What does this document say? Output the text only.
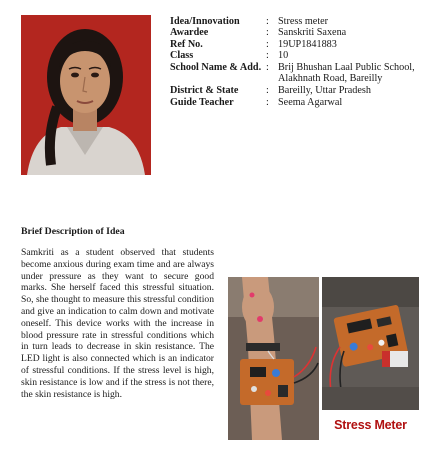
Idea/Innovation	: Stress meter
Awardee	: Sanskriti Saxena
Ref No.	: 19UP1841883
Class	: 10
School Name & Add. : Brij Bhushan Laal Public School, Alakhnath Road, Bareilly
District & State	: Bareilly, Uttar Pradesh
Guide Teacher	: Seema Agarwal
Brief Description of Idea

Samkriti as a student observed that students become anxious during exam time and are always under pressure as they want to secure good marks. She herself faced this stressful situation. So, she thought to measure this stressful condition and give an indication to calm down and motivate oneself. This device works with the increase in blood pressure rate in stressful conditions which in turn leads to decrease in skin resistance. The LED light is also connected which is an indicator of stressful conditions. If the stress level is high, skin resistance is low and if the stress is not there, the skin resistance is high.

Stress Meter
